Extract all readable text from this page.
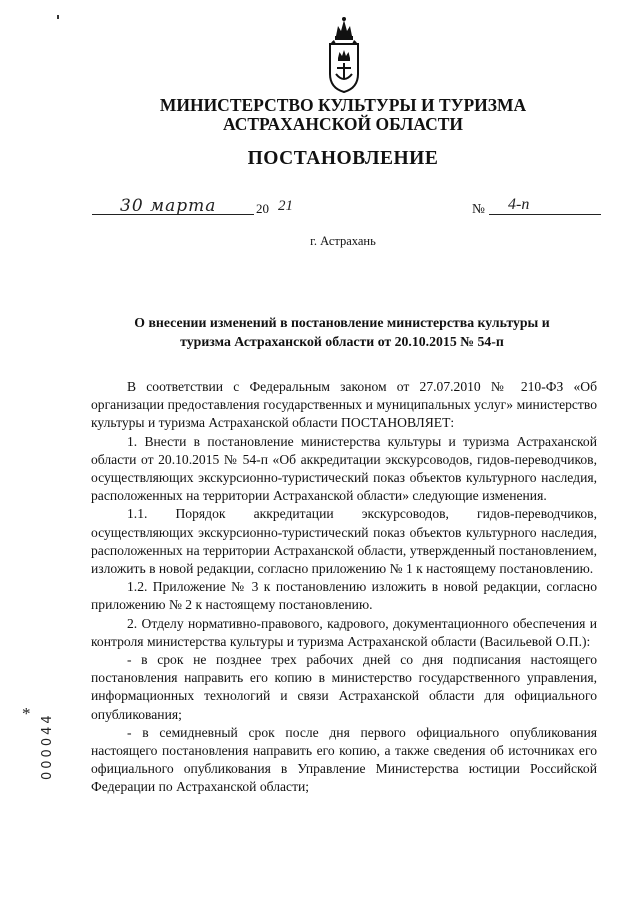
МИНИСТЕРСТВО КУЛЬТУРЫ И ТУРИЗМА
АСТРАХАНСКОЙ ОБЛАСТИ
ПОСТАНОВЛЕНИЕ
30 марта	20 21	№ 4-п
г. Астрахань
О внесении изменений в постановление министерства культуры и
туризма Астраханской области от 20.10.2015 № 54-п

В соответствии с Федеральным законом от 27.07.2010 № 210-ФЗ «Об организации предоставления государственных и муниципальных услуг» министерство культуры и туризма Астраханской области ПОСТАНОВЛЯЕТ:

1. Внести в постановление министерства культуры и туризма Астраханской области от 20.10.2015 № 54-п «Об аккредитации экскурсоводов, гидов-переводчиков, осуществляющих экскурсионно-туристический показ объектов культурного наследия, расположенных на территории Астраханской области» следующие изменения.

1.1. Порядок аккредитации экскурсоводов, гидов-переводчиков, осуществляющих экскурсионно-туристический показ объектов культурного наследия, расположенных на территории Астраханской области, утвержденный постановлением, изложить в новой редакции, согласно приложению № 1 к настоящему постановлению.

1.2. Приложение № 3 к постановлению изложить в новой редакции, согласно приложению № 2 к настоящему постановлению.

2. Отделу нормативно-правового, кадрового, документационного обеспечения и контроля министерства культуры и туризма Астраханской области (Васильевой О.П.):

- в срок не позднее трех рабочих дней со дня подписания настоящего постановления направить его копию в министерство государственного управления, информационных технологий и связи Астраханской области для официального опубликования;

- в семидневный срок после дня первого официального опубликования настоящего постановления направить его копию, а также сведения об источниках его официального опубликования в Управление Министерства юстиции Российской Федерации по Астраханской области;

* 000044
